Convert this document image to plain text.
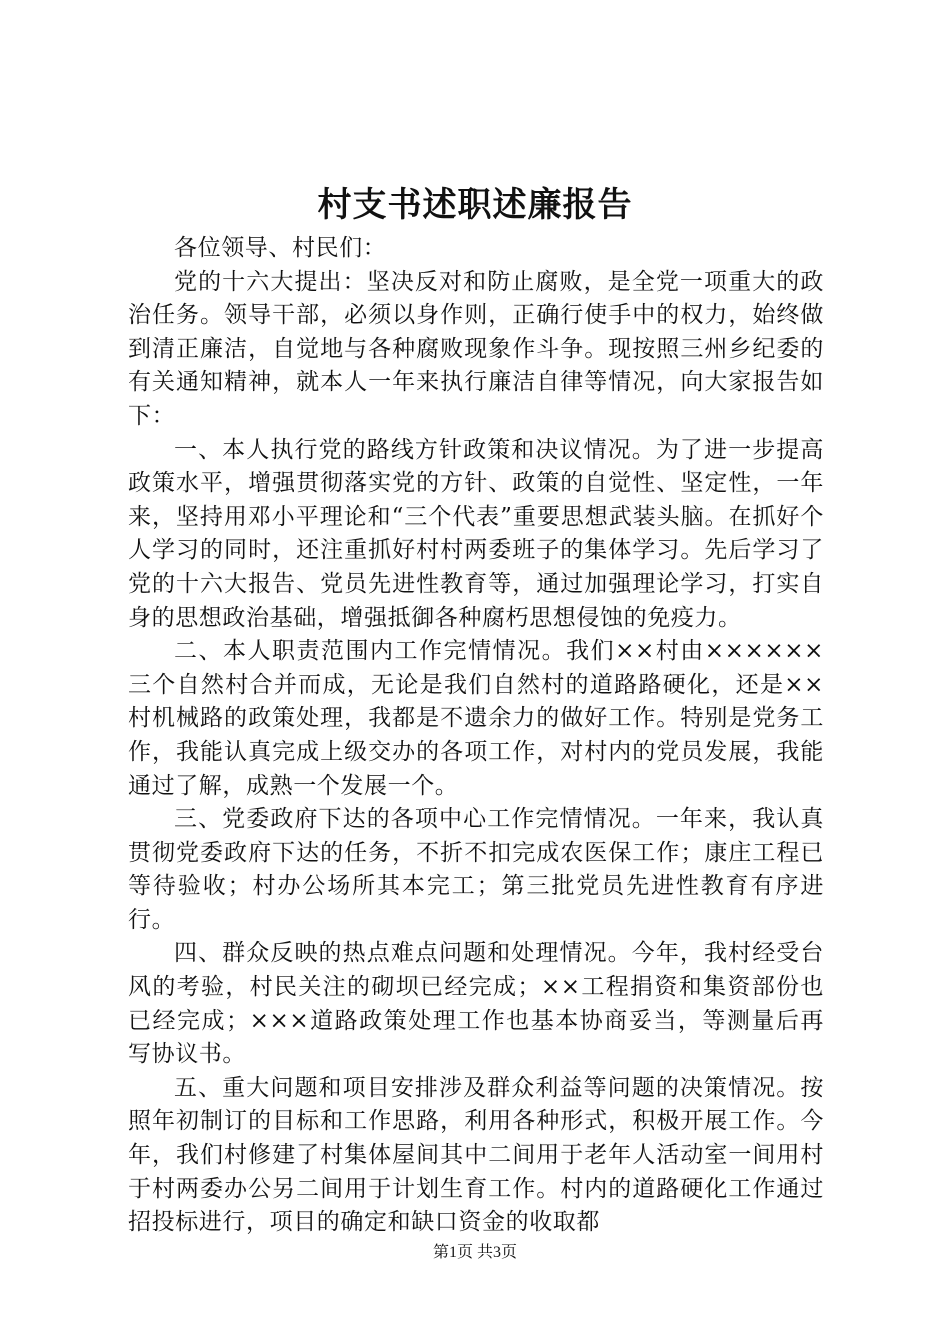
村支书述职述廉报告

各位领导、村民们：

党的十六大提出：坚决反对和防止腐败，是全党一项重大的政治任务。领导干部，必须以身作则，正确行使手中的权力，始终做到清正廉洁，自觉地与各种腐败现象作斗争。现按照三州乡纪委的有关通知精神，就本人一年来执行廉洁自律等情况，向大家报告如下：

一、本人执行党的路线方针政策和决议情况。为了进一步提高政策水平，增强贯彻落实党的方针、政策的自觉性、坚定性，一年来，坚持用邓小平理论和“三个代表”重要思想武装头脑。在抓好个人学习的同时，还注重抓好村村两委班子的集体学习。先后学习了党的十六大报告、党员先进性教育等，通过加强理论学习，打实自身的思想政治基础，增强抵御各种腐朽思想侵蚀的免疫力。

二、本人职责范围内工作完情情况。我们××村由××××××三个自然村合并而成，无论是我们自然村的道路路硬化，还是××村机械路的政策处理，我都是不遗余力的做好工作。特别是党务工作，我能认真完成上级交办的各项工作，对村内的党员发展，我能通过了解，成熟一个发展一个。

三、党委政府下达的各项中心工作完情情况。一年来，我认真贯彻党委政府下达的任务，不折不扣完成农医保工作；康庄工程已等待验收；村办公场所其本完工；第三批党员先进性教育有序进行。

四、群众反映的热点难点问题和处理情况。今年，我村经受台风的考验，村民关注的砌坝已经完成；××工程捐资和集资部份也已经完成；×××道路政策处理工作也基本协商妥当，等测量后再写协议书。

五、重大问题和项目安排涉及群众利益等问题的决策情况。按照年初制订的目标和工作思路，利用各种形式，积极开展工作。今年，我们村修建了村集体屋间其中二间用于老年人活动室一间用村于村两委办公另二间用于计划生育工作。村内的道路硬化工作通过招投标进行，项目的确定和缺口资金的收取都

第1页 共3页
